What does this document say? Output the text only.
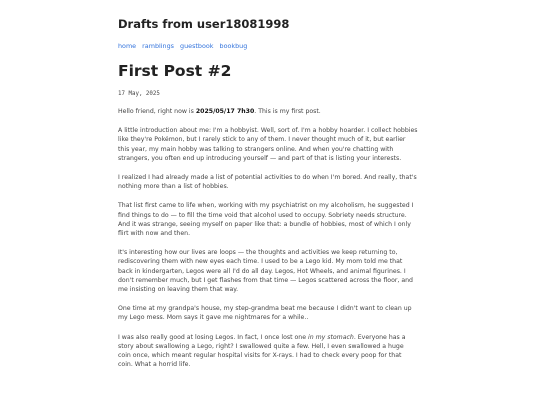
Drafts from user18081998
home ramblings guestbook bookbug
First Post #2
17 May, 2025

Hello friend, right now is 2025/05/17 7h30. This is my first post.

A little introduction about me: I'm a hobbyist. Well, sort of. I'm a hobby hoarder. I collect hobbies like they're Pokémon, but I rarely stick to any of them. I never thought much of it, but earlier this year, my main hobby was talking to strangers online. And when you're chatting with strangers, you often end up introducing yourself — and part of that is listing your interests.

I realized I had already made a list of potential activities to do when I'm bored. And really, that's nothing more than a list of hobbies.

That list first came to life when, working with my psychiatrist on my alcoholism, he suggested I find things to do — to fill the time void that alcohol used to occupy. Sobriety needs structure. And it was strange, seeing myself on paper like that: a bundle of hobbies, most of which I only flirt with now and then.

It's interesting how our lives are loops — the thoughts and activities we keep returning to, rediscovering them with new eyes each time. I used to be a Lego kid. My mom told me that back in kindergarten, Legos were all I'd do all day. Legos, Hot Wheels, and animal figurines. I don't remember much, but I get flashes from that time — Legos scattered across the floor, and me insisting on leaving them that way.

One time at my grandpa's house, my step-grandma beat me because I didn't want to clean up my Lego mess. Mom says it gave me nightmares for a while..

I was also really good at losing Legos. In fact, I once lost one in my stomach. Everyone has a story about swallowing a Lego, right? I swallowed quite a few. Hell, I even swallowed a huge coin once, which meant regular hospital visits for X-rays. I had to check every poop for that coin. What a horrid life.
